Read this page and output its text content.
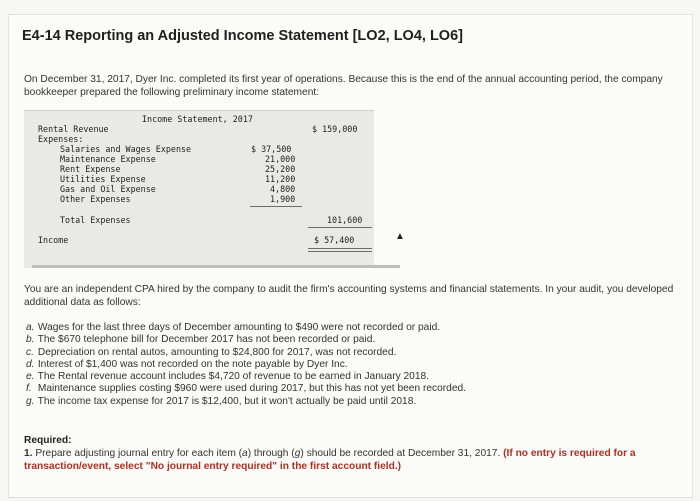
E4-14 Reporting an Adjusted Income Statement [LO2, LO4, LO6]
On December 31, 2017, Dyer Inc. completed its first year of operations. Because this is the end of the annual accounting period, the company bookkeeper prepared the following preliminary income statement:
Income Statement, 2017
Rental Revenue	$ 159,000
Expenses:
Salaries and Wages Expense	$ 37,500
Maintenance Expense	21,000
Rent Expense	25,200
Utilities Expense	11,200
Gas and Oil Expense	4,800
Other Expenses	1,900
Total Expenses	101,600
Income	$ 57,400	▲
You are an independent CPA hired by the company to audit the firm's accounting systems and financial statements. In your audit, you developed additional data as follows:
a. Wages for the last three days of December amounting to $490 were not recorded or paid.
b. The $670 telephone bill for December 2017 has not been recorded or paid.
c. Depreciation on rental autos, amounting to $24,800 for 2017, was not recorded.
d. Interest of $1,400 was not recorded on the note payable by Dyer Inc.
e. The Rental revenue account includes $4,720 of revenue to be earned in January 2018.
f. Maintenance supplies costing $960 were used during 2017, but this has not yet been recorded.
g. The income tax expense for 2017 is $12,400, but it won't actually be paid until 2018.
Required:
1. Prepare adjusting journal entry for each item (a) through (g) should be recorded at December 31, 2017. (If no entry is required for a transaction/event, select "No journal entry required" in the first account field.)
